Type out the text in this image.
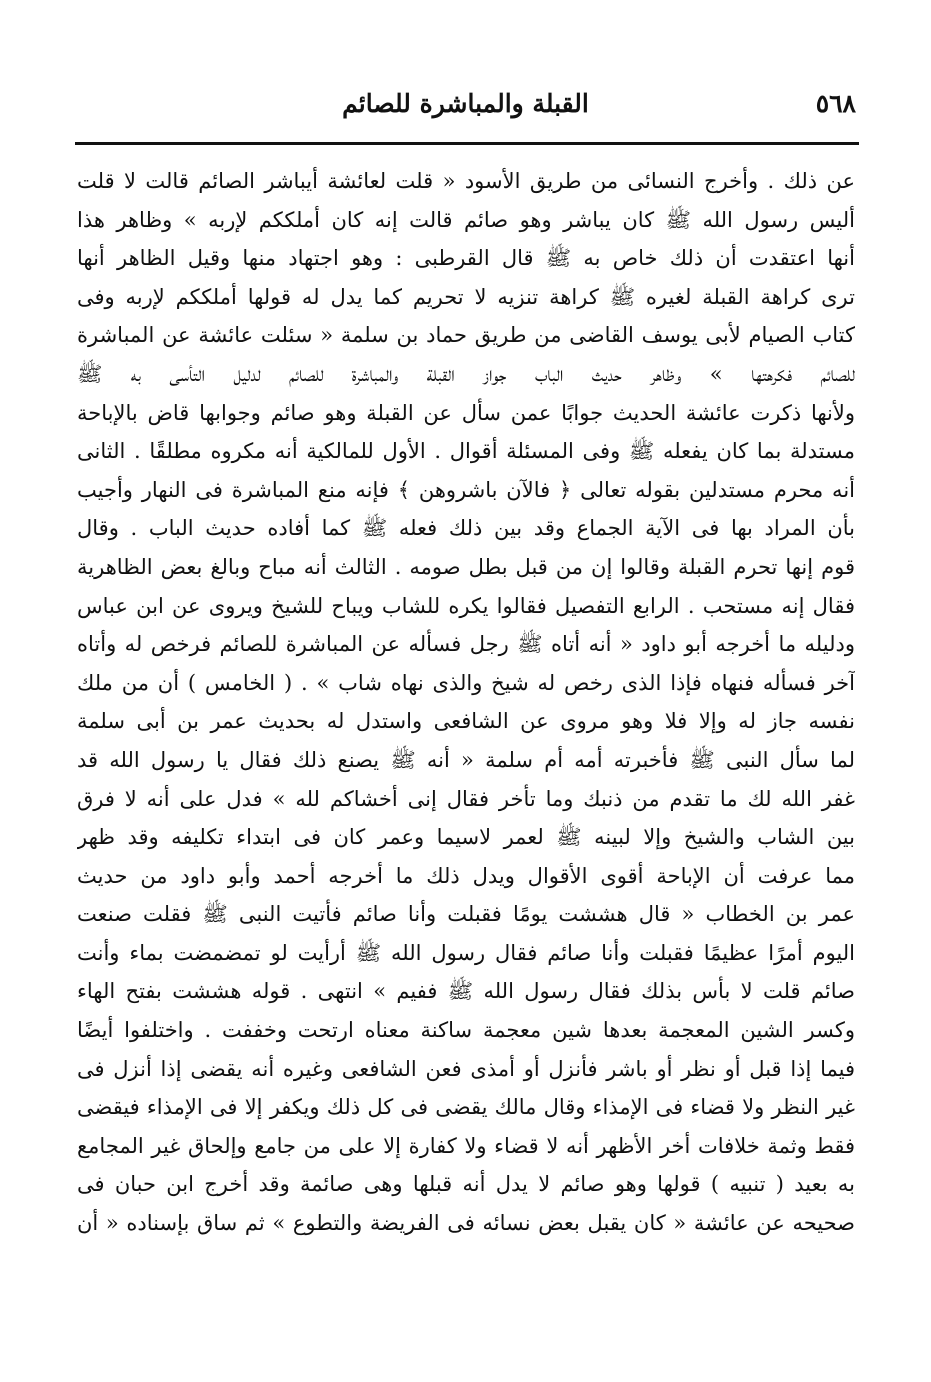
٥٦٨
القبلة والمباشرة للصائم
عن ذلك . وأخرج النسائى من طريق الأسود « قلت لعائشة أيباشر الصائم قالت لا قلت
أليس رسول الله ﷺ كان يباشر وهو صائم قالت إنه كان أملككم لإربه » وظاهر هذا
أنها اعتقدت أن ذلك خاص به ﷺ قال القرطبى : وهو اجتهاد منها وقيل الظاهر أنها
ترى كراهة القبلة لغيره ﷺ كراهة تنزيه لا تحريم كما يدل له قولها أملككم لإربه وفى
كتاب الصيام لأبى يوسف القاضى من طريق حماد بن سلمة « سئلت عائشة عن المباشرة
للصائم فكرهتها » وظاهر حديث الباب جواز القبلة والمباشرة للصائم لدليل التأسى به ﷺ
ولأنها ذكرت عائشة الحديث جوابًا عمن سأل عن القبلة وهو صائم وجوابها قاض بالإباحة
مستدلة بما كان يفعله ﷺ وفى المسئلة أقوال . الأول للمالكية أنه مكروه مطلقًا . الثانى
أنه محرم مستدلين بقوله تعالى ﴿ فالآن باشروهن ﴾ فإنه منع المباشرة فى النهار وأجيب
بأن المراد بها فى الآية الجماع وقد بين ذلك فعله ﷺ كما أفاده حديث الباب . وقال
قوم إنها تحرم القبلة وقالوا إن من قبل بطل صومه . الثالث أنه مباح وبالغ بعض الظاهرية
فقال إنه مستحب . الرابع التفصيل فقالوا يكره للشاب ويباح للشيخ ويروى عن ابن عباس
ودليله ما أخرجه أبو داود « أنه أتاه ﷺ رجل فسأله عن المباشرة للصائم فرخص له وأتاه
آخر فسأله فنهاه فإذا الذى رخص له شيخ والذى نهاه شاب » . ( الخامس ) أن من ملك
نفسه جاز له وإلا فلا وهو مروى عن الشافعى واستدل له بحديث عمر بن أبى سلمة
لما سأل النبى ﷺ فأخبرته أمه أم سلمة « أنه ﷺ يصنع ذلك فقال يا رسول الله قد
غفر الله لك ما تقدم من ذنبك وما تأخر فقال إنى أخشاكم لله » فدل على أنه لا فرق
بين الشاب والشيخ وإلا لبينه ﷺ لعمر لاسيما وعمر كان فى ابتداء تكليفه وقد ظهر
مما عرفت أن الإباحة أقوى الأقوال ويدل ذلك ما أخرجه أحمد وأبو داود من حديث
عمر بن الخطاب « قال هششت يومًا فقبلت وأنا صائم فأتيت النبى ﷺ فقلت صنعت
اليوم أمرًا عظيمًا فقبلت وأنا صائم فقال رسول الله ﷺ أرأيت لو تمضمضت بماء وأنت
صائم قلت لا بأس بذلك فقال رسول الله ﷺ ففيم » انتهى . قوله هششت بفتح الهاء
وكسر الشين المعجمة بعدها شين معجمة ساكنة معناه ارتحت وخففت . واختلفوا أيضًا
فيما إذا قبل أو نظر أو باشر فأنزل أو أمذى فعن الشافعى وغيره أنه يقضى إذا أنزل فى
غير النظر ولا قضاء فى الإمذاء وقال مالك يقضى فى كل ذلك ويكفر إلا فى الإمذاء فيقضى
فقط وثمة خلافات أخر الأظهر أنه لا قضاء ولا كفارة إلا على من جامع وإلحاق غير المجامع
به بعيد ( تنبيه ) قولها وهو صائم لا يدل أنه قبلها وهى صائمة وقد أخرج ابن حبان فى
صحيحه عن عائشة « كان يقبل بعض نسائه فى الفريضة والتطوع » ثم ساق بإسناده « أن
